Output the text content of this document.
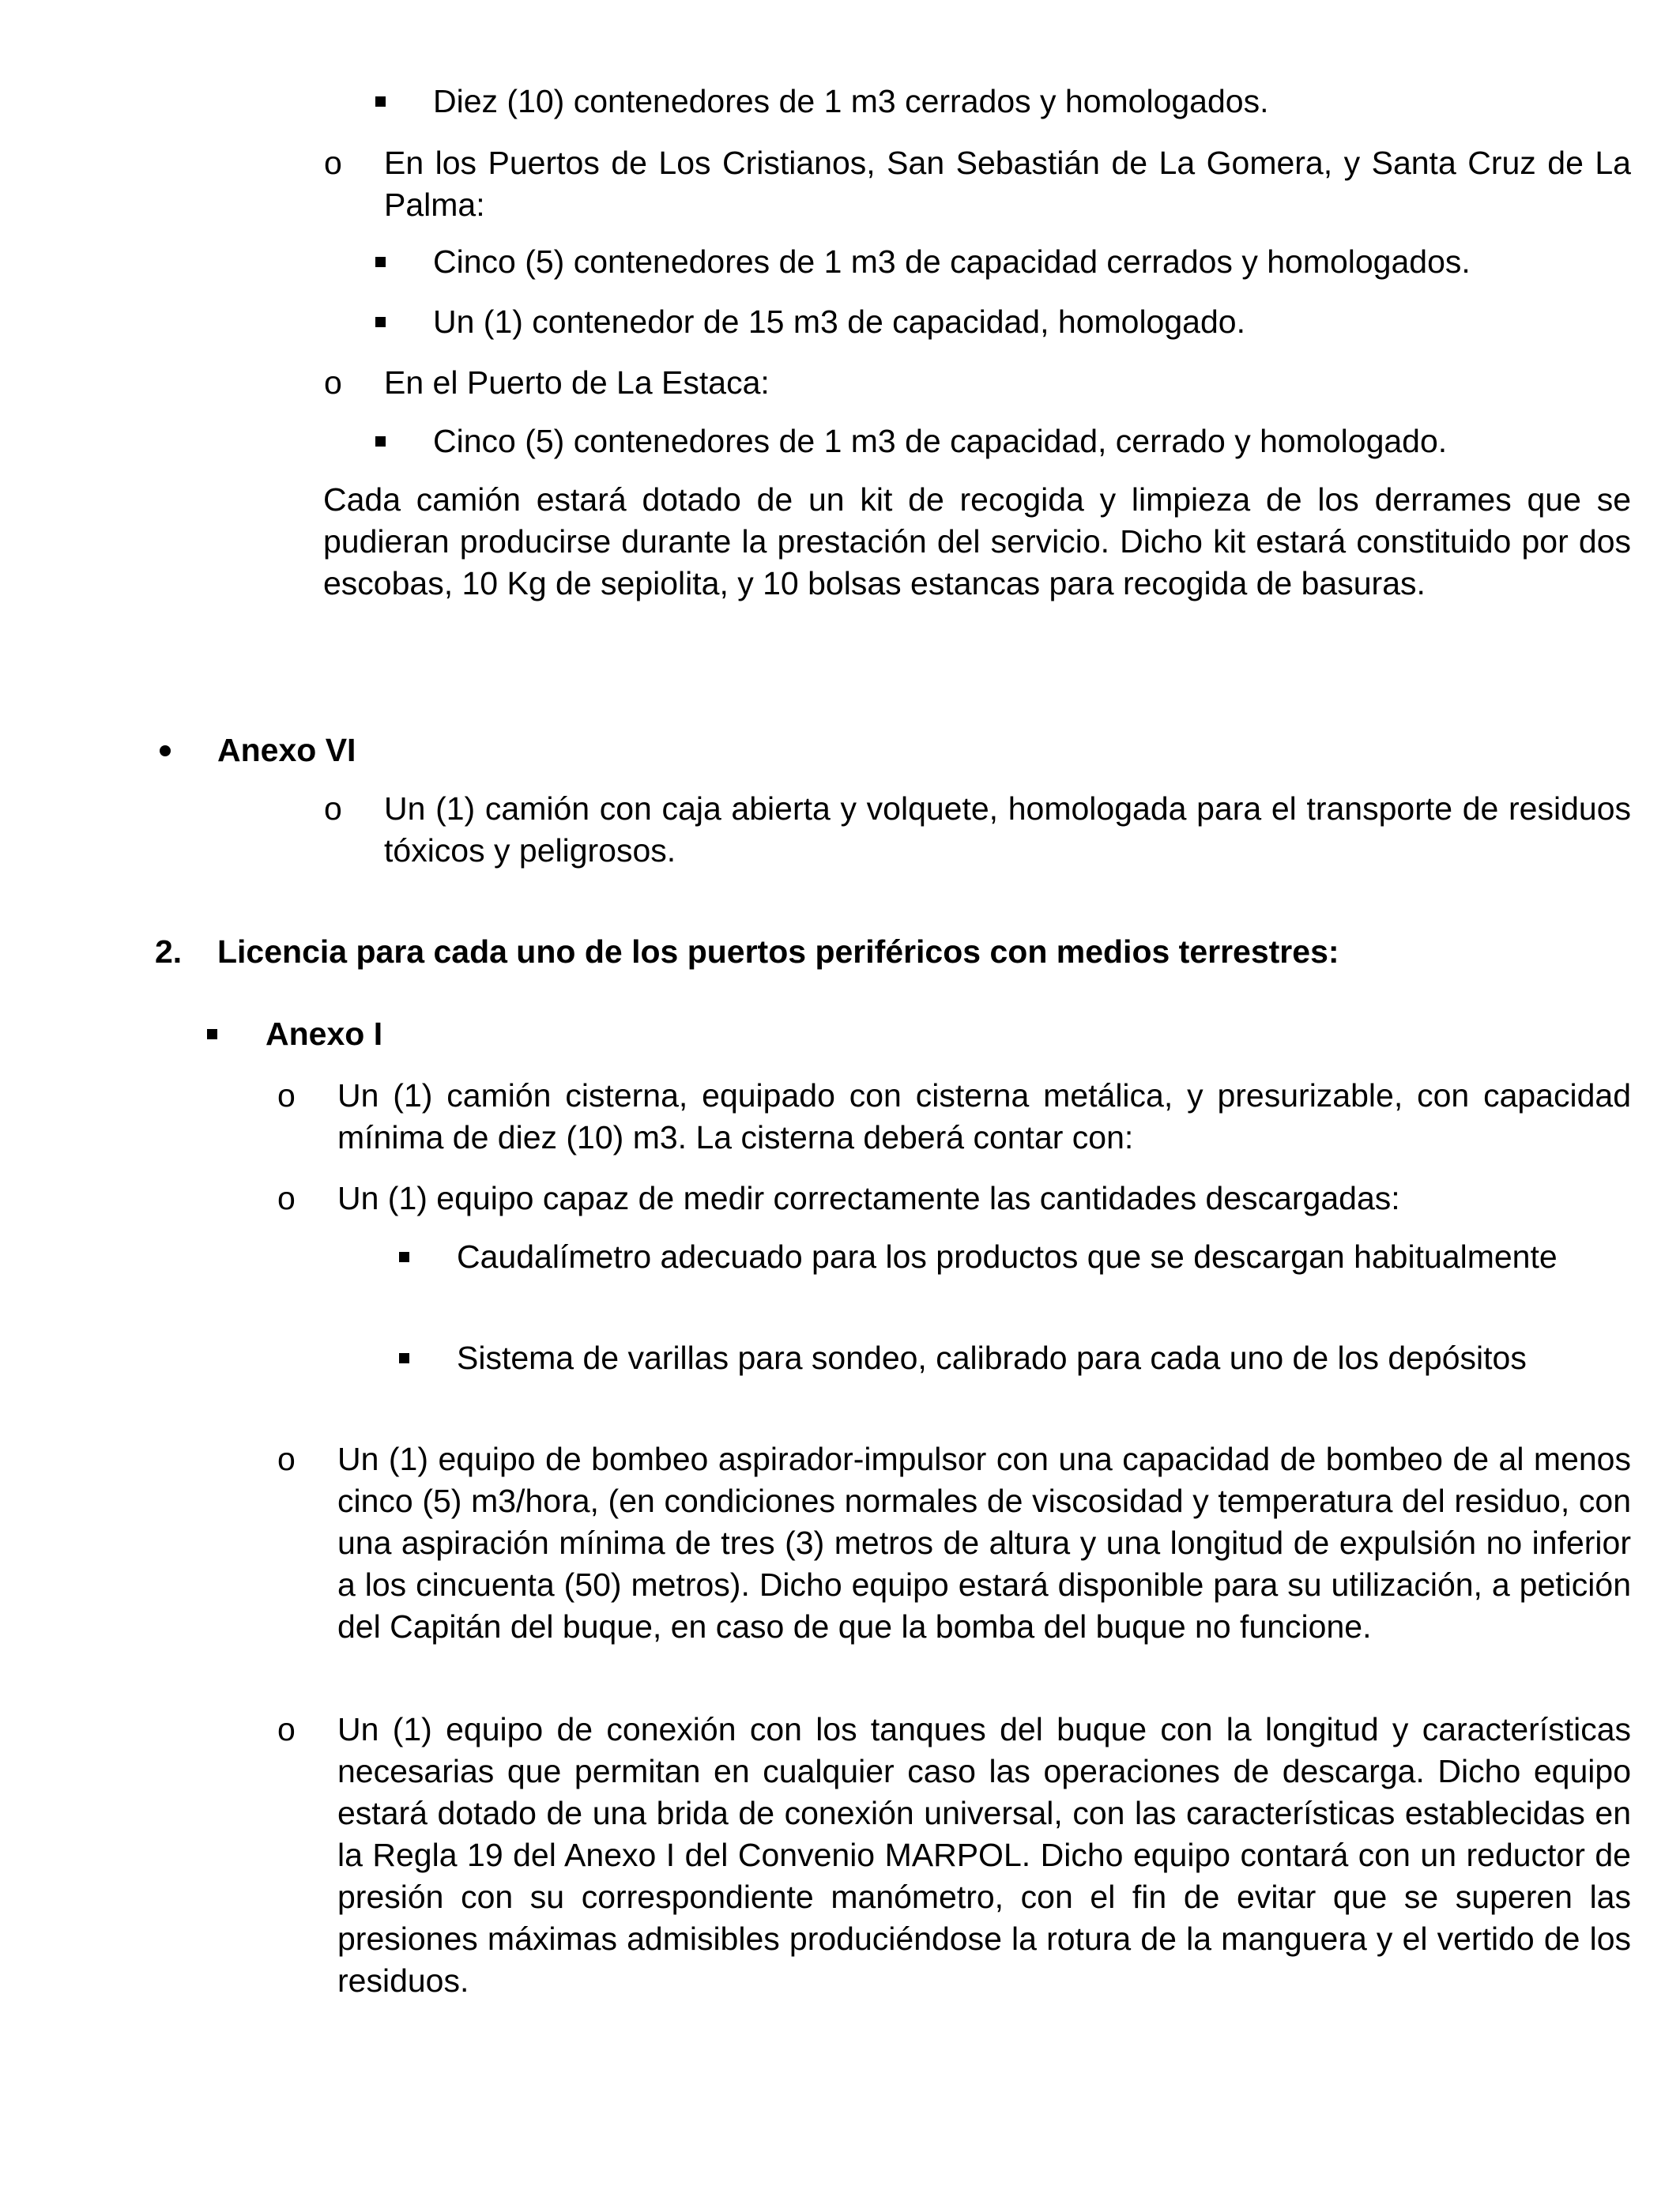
Diez (10) contenedores de 1 m3 cerrados y homologados.

o En los Puertos de Los Cristianos, San Sebastián de La Gomera, y Santa Cruz de La Palma:

Cinco (5) contenedores de 1 m3 de capacidad cerrados y homologados.

Un (1) contenedor de 15 m3 de capacidad, homologado.

o En el Puerto de La Estaca:

Cinco (5) contenedores de 1 m3 de capacidad, cerrado y homologado.

Cada camión estará dotado de un kit de recogida y limpieza de los derrames que se pudieran producirse durante la prestación del servicio. Dicho kit estará constituido por dos escobas, 10 Kg de sepiolita, y 10 bolsas estancas para recogida de basuras.

Anexo VI

o Un (1) camión con caja abierta y volquete, homologada para el transporte de residuos tóxicos y peligrosos.

2. Licencia para cada uno de los puertos periféricos con medios terrestres:

Anexo I

o Un (1) camión cisterna, equipado con cisterna metálica, y presurizable, con capacidad mínima de diez (10) m3. La cisterna deberá contar con:

o Un (1) equipo capaz de medir correctamente las cantidades descargadas:

Caudalímetro adecuado para los productos que se descargan habitualmente

Sistema de varillas para sondeo, calibrado para cada uno de los depósitos

o Un (1) equipo de bombeo aspirador-impulsor con una capacidad de bombeo de al menos cinco (5) m3/hora, (en condiciones normales de viscosidad y temperatura del residuo, con una aspiración mínima de tres (3) metros de altura y una longitud de expulsión no inferior a los cincuenta (50) metros). Dicho equipo estará disponible para su utilización, a petición del Capitán del buque, en caso de que la bomba del buque no funcione.

o Un (1) equipo de conexión con los tanques del buque con la longitud y características necesarias que permitan en cualquier caso las operaciones de descarga. Dicho equipo estará dotado de una brida de conexión universal, con las características establecidas en la Regla 19 del Anexo I del Convenio MARPOL. Dicho equipo contará con un reductor de presión con su correspondiente manómetro, con el fin de evitar que se superen las presiones máximas admisibles produciéndose la rotura de la manguera y el vertido de los residuos.
